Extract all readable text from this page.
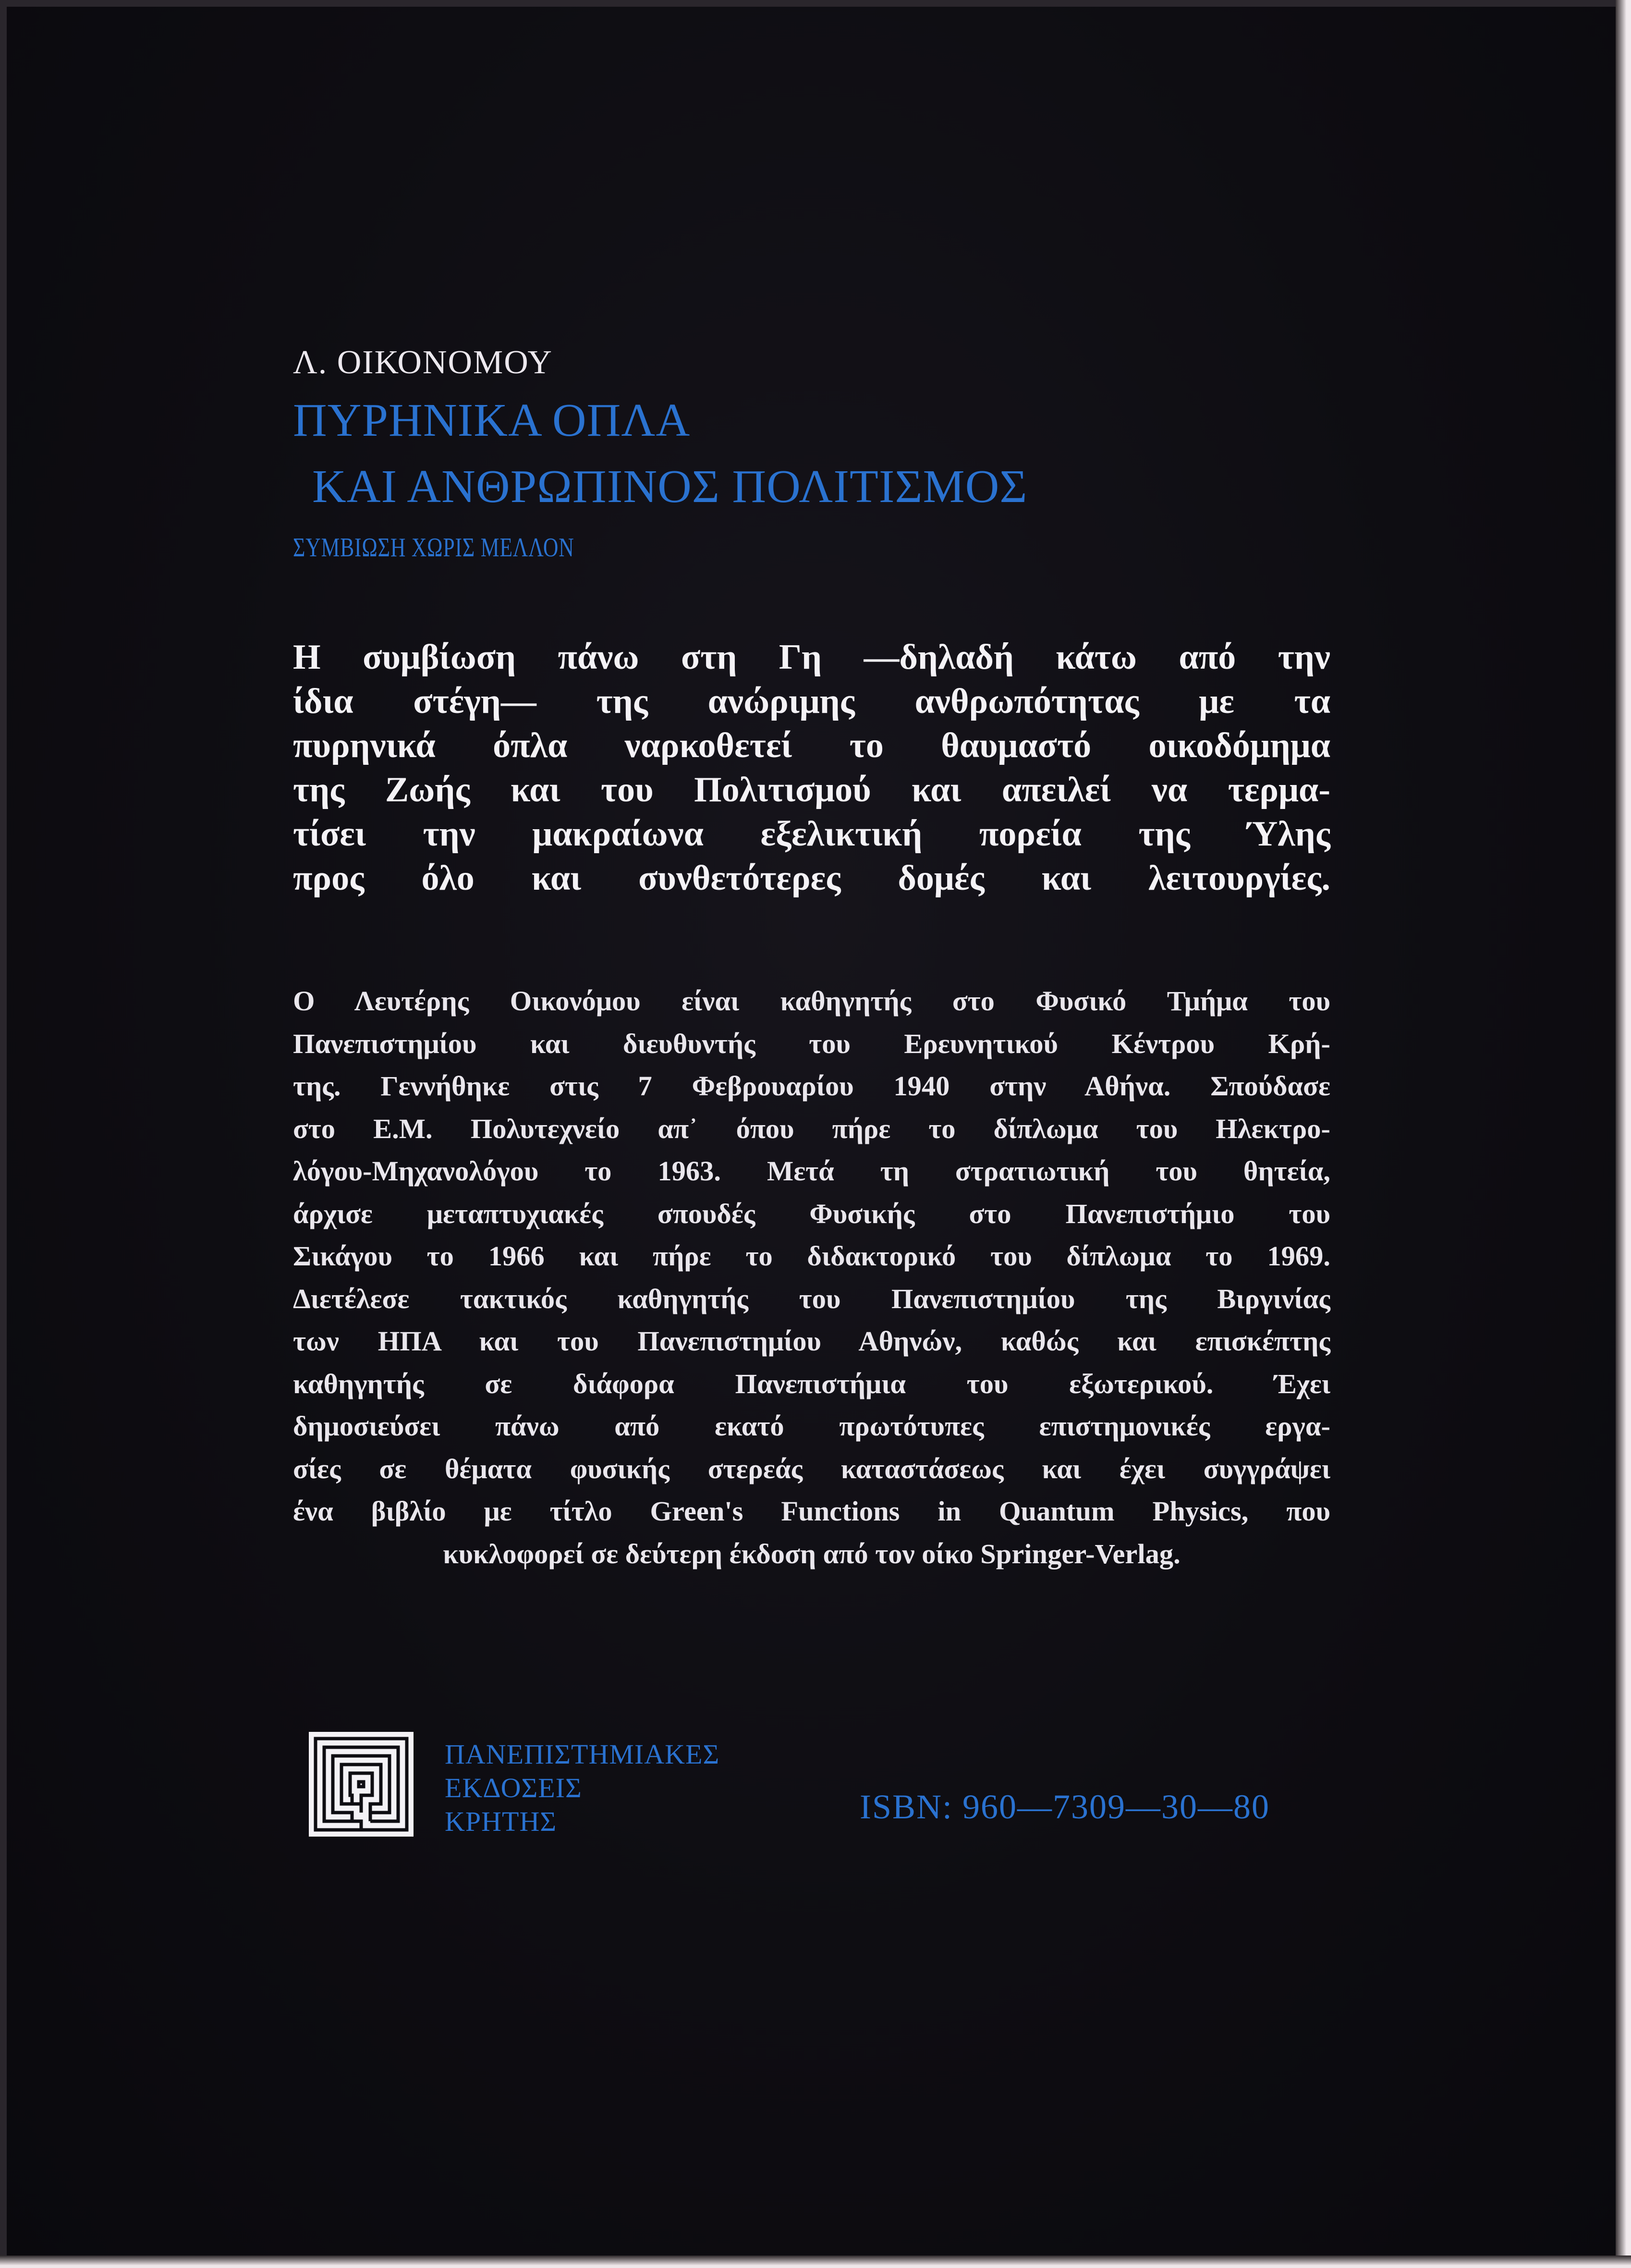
Λ. ΟΙΚΟΝΟΜΟΥ
ΠΥΡΗΝΙΚΑ ΟΠΛΑ
ΚΑΙ ΑΝΘΡΩΠΙΝΟΣ ΠΟΛΙΤΙΣΜΟΣ
ΣΥΜΒΙΩΣΗ ΧΩΡΙΣ ΜΕΛΛΟΝ
Η συμβίωση πάνω στη Γη —δηλαδή κάτω από την
ίδια στέγη— της ανώριμης ανθρωπότητας με τα
πυρηνικά όπλα ναρκοθετεί το θαυμαστό οικοδόμημα
της Ζωής και του Πολιτισμού και απειλεί να τερμα-
τίσει την μακραίωνα εξελικτική πορεία της Ύλης
προς όλο και συνθετότερες δομές και λειτουργίες.
Ο Λευτέρης Οικονόμου είναι καθηγητής στο Φυσικό Τμήμα του
Πανεπιστημίου και διευθυντής του Ερευνητικού Κέντρου Κρή-
της. Γεννήθηκε στις 7 Φεβρουαρίου 1940 στην Αθήνα. Σπούδασε
στο Ε.Μ. Πολυτεχνείο απ᾽ όπου πήρε το δίπλωμα του Ηλεκτρο-
λόγου-Μηχανολόγου το 1963. Μετά τη στρατιωτική του θητεία,
άρχισε μεταπτυχιακές σπουδές Φυσικής στο Πανεπιστήμιο του
Σικάγου το 1966 και πήρε το διδακτορικό του δίπλωμα το 1969.
Διετέλεσε τακτικός καθηγητής του Πανεπιστημίου της Βιργινίας
των ΗΠΑ και του Πανεπιστημίου Αθηνών, καθώς και επισκέπτης
καθηγητής σε διάφορα Πανεπιστήμια του εξωτερικού. Έχει
δημοσιεύσει πάνω από εκατό πρωτότυπες επιστημονικές εργα-
σίες σε θέματα φυσικής στερεάς καταστάσεως και έχει συγγράψει
ένα βιβλίο με τίτλο Green's Functions in Quantum Physics, που
κυκλοφορεί σε δεύτερη έκδοση από τον οίκο Springer-Verlag.
ΠΑΝΕΠΙΣΤΗΜΙΑΚΕΣ
ΕΚΔΟΣΕΙΣ
ΚΡΗΤΗΣ	ISBN: 960—7309—30—80
